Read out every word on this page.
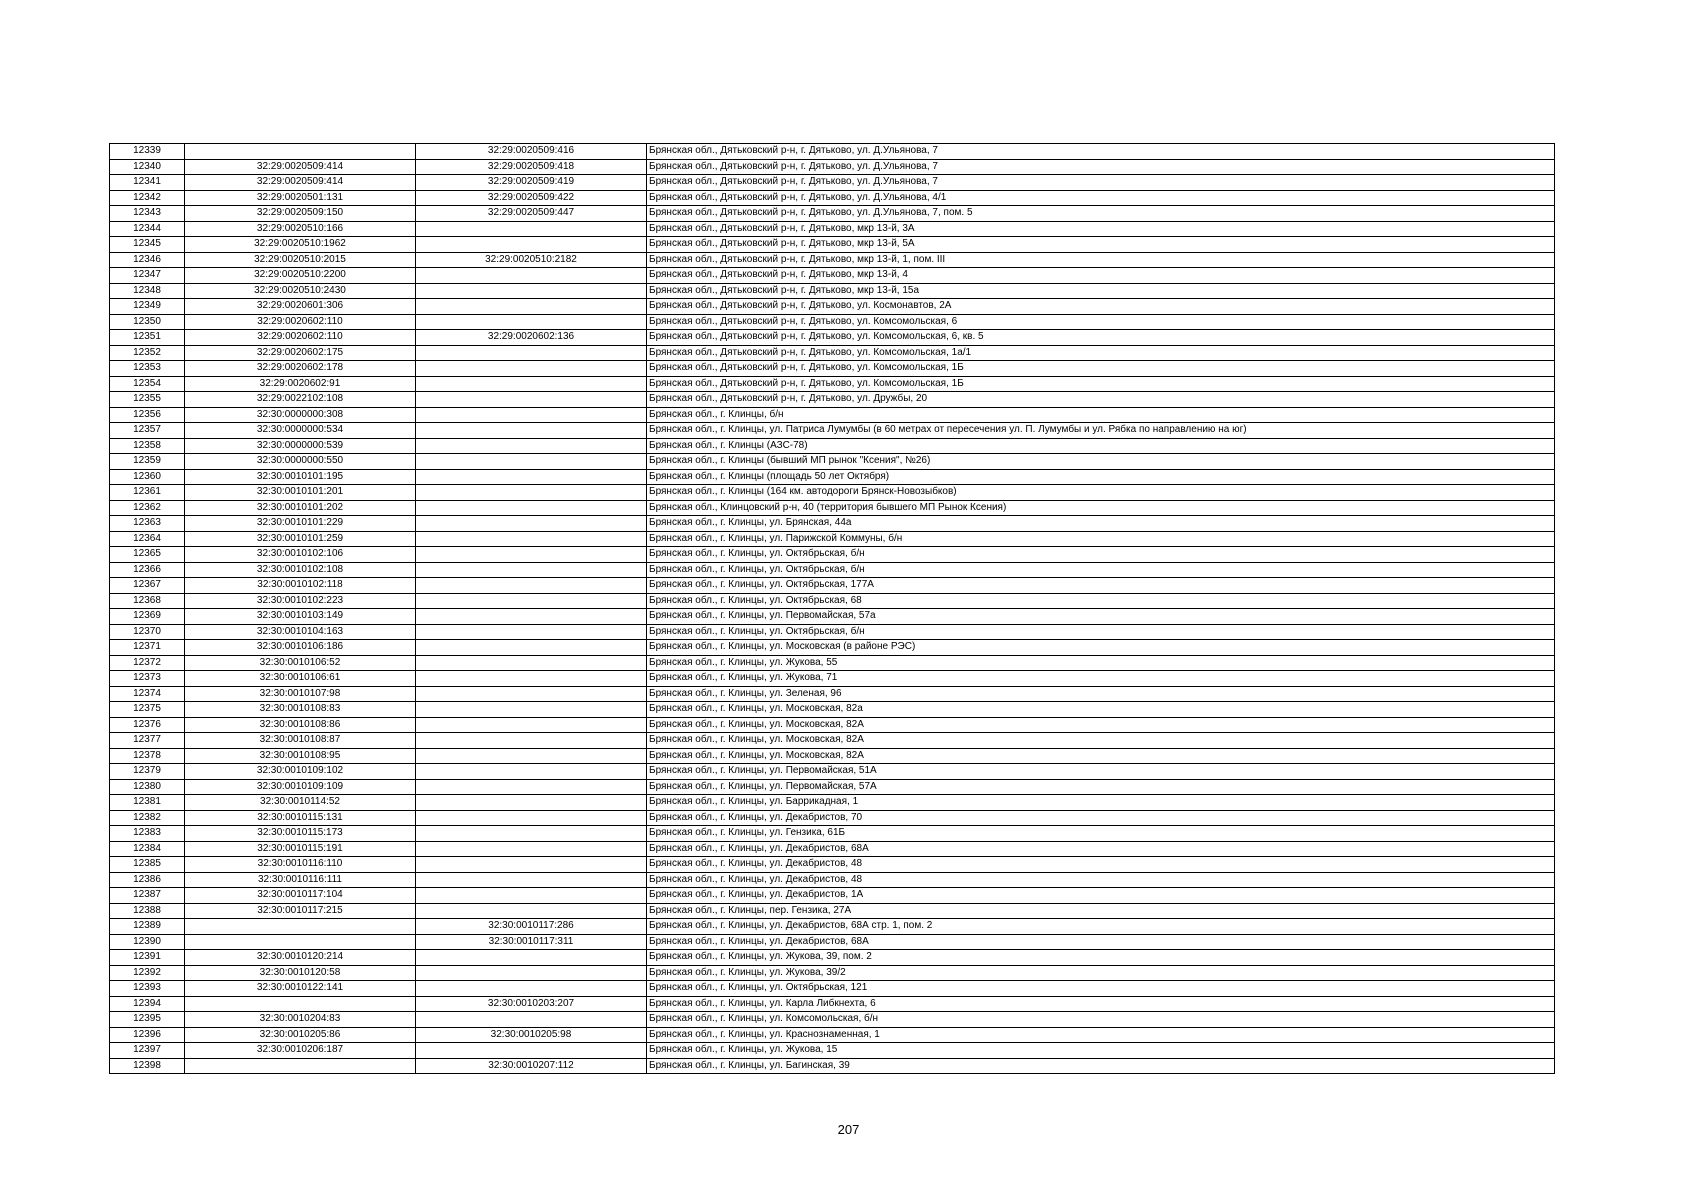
12339		32:29:0020509:416	Брянская обл., Дятьковский р-н, г. Дятьково, ул. Д.Ульянова, 7
12340	32:29:0020509:414	32:29:0020509:418	Брянская обл., Дятьковский р-н, г. Дятьково, ул. Д.Ульянова, 7
12341	32:29:0020509:414	32:29:0020509:419	Брянская обл., Дятьковский р-н, г. Дятьково, ул. Д.Ульянова, 7
12342	32:29:0020501:131	32:29:0020509:422	Брянская обл., Дятьковский р-н, г. Дятьково, ул. Д.Ульянова, 4/1
12343	32:29:0020509:150	32:29:0020509:447	Брянская обл., Дятьковский р-н, г. Дятьково, ул. Д.Ульянова, 7, пом. 5
12344	32:29:0020510:166		Брянская обл., Дятьковский р-н, г. Дятьково, мкр 13-й, 3А
12345	32:29:0020510:1962		Брянская обл., Дятьковский р-н, г. Дятьково, мкр 13-й, 5А
12346	32:29:0020510:2015	32:29:0020510:2182	Брянская обл., Дятьковский р-н, г. Дятьково, мкр 13-й, 1, пом. III
12347	32:29:0020510:2200		Брянская обл., Дятьковский р-н, г. Дятьково, мкр 13-й, 4
12348	32:29:0020510:2430		Брянская обл., Дятьковский р-н, г. Дятьково, мкр 13-й, 15а
12349	32:29:0020601:306		Брянская обл., Дятьковский р-н, г. Дятьково, ул. Космонавтов, 2А
12350	32:29:0020602:110		Брянская обл., Дятьковский р-н, г. Дятьково, ул. Комсомольская, 6
12351	32:29:0020602:110	32:29:0020602:136	Брянская обл., Дятьковский р-н, г. Дятьково, ул. Комсомольская, 6, кв. 5
12352	32:29:0020602:175		Брянская обл., Дятьковский р-н, г. Дятьково, ул. Комсомольская, 1а/1
12353	32:29:0020602:178		Брянская обл., Дятьковский р-н, г. Дятьково, ул. Комсомольская, 1Б
12354	32:29:0020602:91		Брянская обл., Дятьковский р-н, г. Дятьково, ул. Комсомольская, 1Б
12355	32:29:0022102:108		Брянская обл., Дятьковский р-н, г. Дятьково, ул. Дружбы, 20
12356	32:30:0000000:308		Брянская обл., г. Клинцы, б/н
12357	32:30:0000000:534		Брянская обл., г. Клинцы, ул. Патриса Лумумбы (в 60 метрах от пересечения ул. П. Лумумбы и ул. Рябка по направлению на юг)
12358	32:30:0000000:539		Брянская обл., г. Клинцы (АЗС-78)
12359	32:30:0000000:550		Брянская обл., г. Клинцы (бывший МП рынок "Ксения", №26)
12360	32:30:0010101:195		Брянская обл., г. Клинцы (площадь 50 лет Октября)
12361	32:30:0010101:201		Брянская обл., г. Клинцы (164 км. автодороги Брянск-Новозыбков)
12362	32:30:0010101:202		Брянская обл., Клинцовский р-н, 40 (территория бывшего МП Рынок Ксения)
12363	32:30:0010101:229		Брянская обл., г. Клинцы, ул. Брянская, 44а
12364	32:30:0010101:259		Брянская обл., г. Клинцы, ул. Парижской Коммуны, б/н
12365	32:30:0010102:106		Брянская обл., г. Клинцы, ул. Октябрьская, б/н
12366	32:30:0010102:108		Брянская обл., г. Клинцы, ул. Октябрьская, б/н
12367	32:30:0010102:118		Брянская обл., г. Клинцы, ул. Октябрьская, 177А
12368	32:30:0010102:223		Брянская обл., г. Клинцы, ул. Октябрьская, 68
12369	32:30:0010103:149		Брянская обл., г. Клинцы, ул. Первомайская, 57а
12370	32:30:0010104:163		Брянская обл., г. Клинцы, ул. Октябрьская, б/н
12371	32:30:0010106:186		Брянская обл., г. Клинцы, ул. Московская (в районе РЭС)
12372	32:30:0010106:52		Брянская обл., г. Клинцы, ул. Жукова, 55
12373	32:30:0010106:61		Брянская обл., г. Клинцы, ул. Жукова, 71
12374	32:30:0010107:98		Брянская обл., г. Клинцы, ул. Зеленая, 96
12375	32:30:0010108:83		Брянская обл., г. Клинцы, ул. Московская, 82а
12376	32:30:0010108:86		Брянская обл., г. Клинцы, ул. Московская, 82А
12377	32:30:0010108:87		Брянская обл., г. Клинцы, ул. Московская, 82А
12378	32:30:0010108:95		Брянская обл., г. Клинцы, ул. Московская, 82А
12379	32:30:0010109:102		Брянская обл., г. Клинцы, ул. Первомайская, 51А
12380	32:30:0010109:109		Брянская обл., г. Клинцы, ул. Первомайская, 57А
12381	32:30:0010114:52		Брянская обл., г. Клинцы, ул. Баррикадная, 1
12382	32:30:0010115:131		Брянская обл., г. Клинцы, ул. Декабристов, 70
12383	32:30:0010115:173		Брянская обл., г. Клинцы, ул. Гензика, 61Б
12384	32:30:0010115:191		Брянская обл., г. Клинцы, ул. Декабристов, 68А
12385	32:30:0010116:110		Брянская обл., г. Клинцы, ул. Декабристов, 48
12386	32:30:0010116:111		Брянская обл., г. Клинцы, ул. Декабристов, 48
12387	32:30:0010117:104		Брянская обл., г. Клинцы, ул. Декабристов, 1А
12388	32:30:0010117:215		Брянская обл., г. Клинцы, пер. Гензика, 27А
12389		32:30:0010117:286	Брянская обл., г. Клинцы, ул. Декабристов, 68А стр. 1, пом. 2
12390		32:30:0010117:311	Брянская обл., г. Клинцы, ул. Декабристов, 68А
12391	32:30:0010120:214		Брянская обл., г. Клинцы, ул. Жукова, 39, пом. 2
12392	32:30:0010120:58		Брянская обл., г. Клинцы, ул. Жукова, 39/2
12393	32:30:0010122:141		Брянская обл., г. Клинцы, ул. Октябрьская, 121
12394		32:30:0010203:207	Брянская обл., г. Клинцы, ул. Карла Либкнехта, 6
12395	32:30:0010204:83		Брянская обл., г. Клинцы, ул. Комсомольская, б/н
12396	32:30:0010205:86	32:30:0010205:98	Брянская обл., г. Клинцы, ул. Краснознаменная, 1
12397	32:30:0010206:187		Брянская обл., г. Клинцы, ул. Жукова, 15
12398		32:30:0010207:112	Брянская обл., г. Клинцы, ул. Багинская, 39
207
